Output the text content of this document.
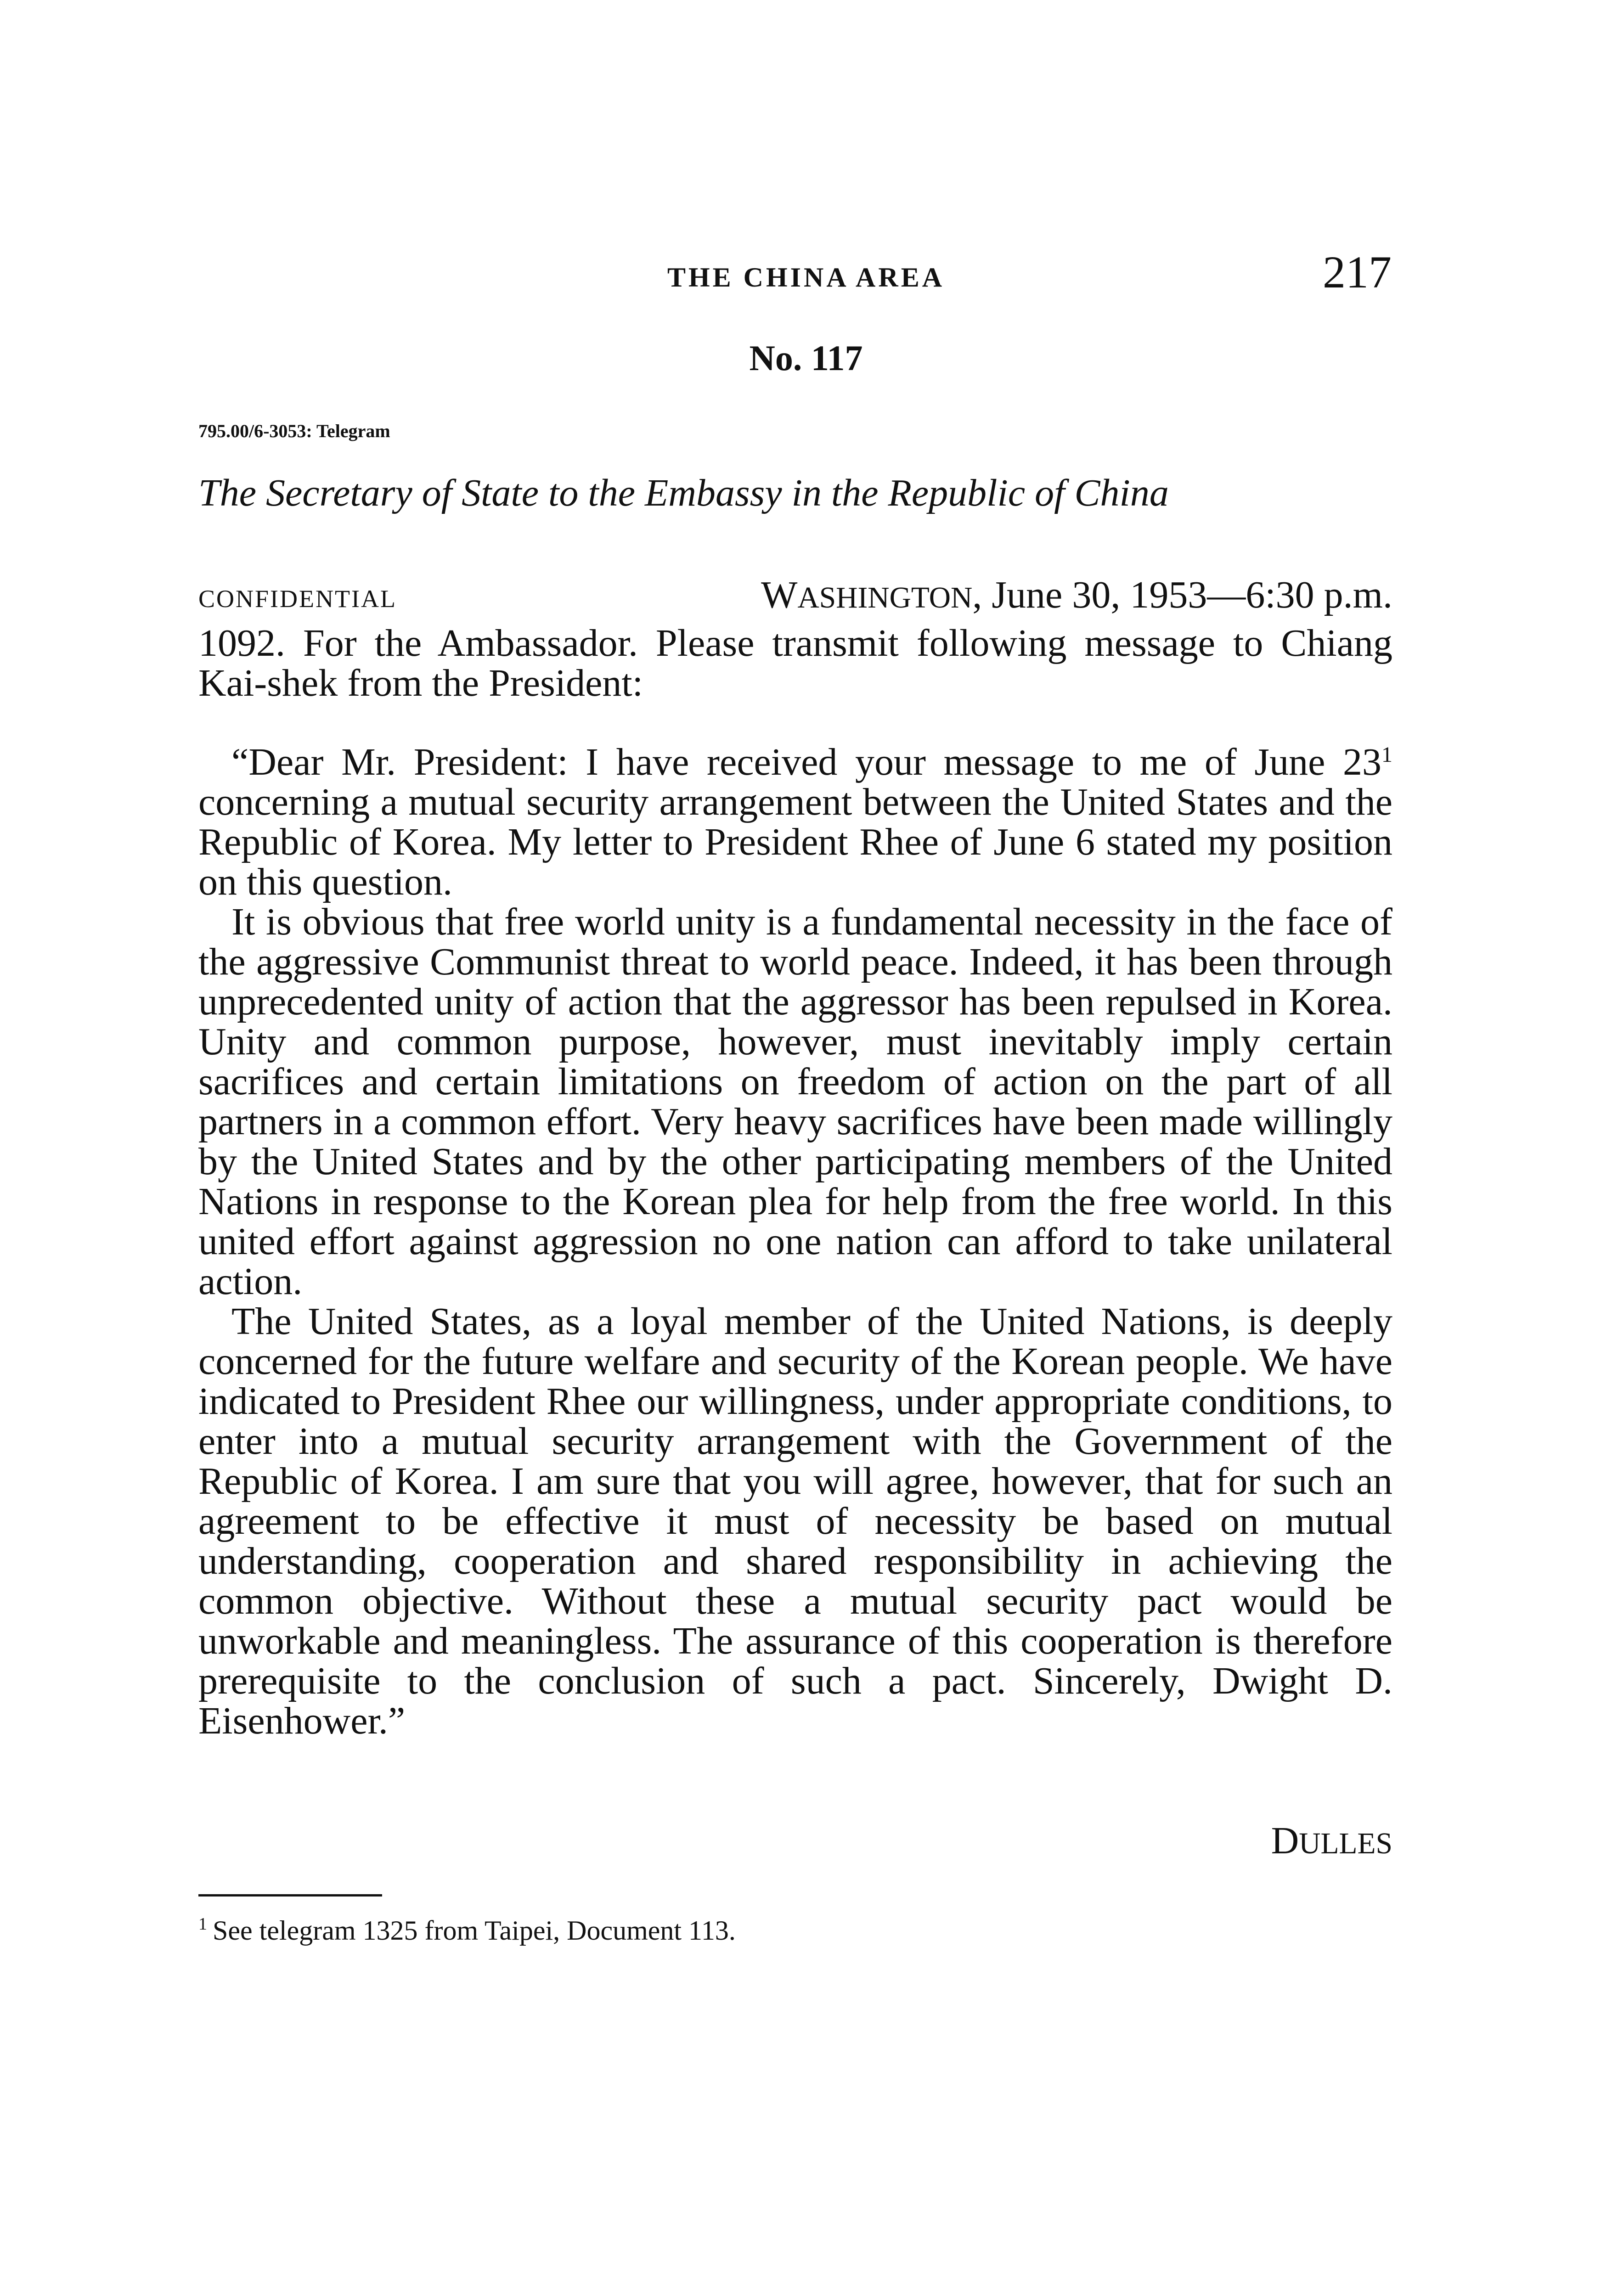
THE CHINA AREA	217
No. 117
795.00/6-3053: Telegram
The Secretary of State to the Embassy in the Republic of China
CONFIDENTIAL	WASHINGTON, June 30, 1953—6:30 p.m.

1092. For the Ambassador. Please transmit following message to Chiang Kai-shek from the President:

“Dear Mr. President: I have received your message to me of June 23$^1$ concerning a mutual security arrangement between the United States and the Republic of Korea. My letter to President Rhee of June 6 stated my position on this question.

It is obvious that free world unity is a fundamental necessity in the face of the aggressive Communist threat to world peace. Indeed, it has been through unprecedented unity of action that the aggressor has been repulsed in Korea. Unity and common purpose, however, must inevitably imply certain sacrifices and certain limitations on freedom of action on the part of all partners in a common effort. Very heavy sacrifices have been made willingly by the United States and by the other participating members of the United Nations in response to the Korean plea for help from the free world. In this united effort against aggression no one nation can afford to take unilateral action.

The United States, as a loyal member of the United Nations, is deeply concerned for the future welfare and security of the Korean people. We have indicated to President Rhee our willingness, under appropriate conditions, to enter into a mutual security arrangement with the Government of the Republic of Korea. I am sure that you will agree, however, that for such an agreement to be effective it must of necessity be based on mutual understanding, cooperation and shared responsibility in achieving the common objective. Without these a mutual security pact would be unworkable and meaningless. The assurance of this cooperation is therefore prerequisite to the conclusion of such a pact. Sincerely, Dwight D. Eisenhower.”

DULLES
$^1$ See telegram 1325 from Taipei, Document 113.
